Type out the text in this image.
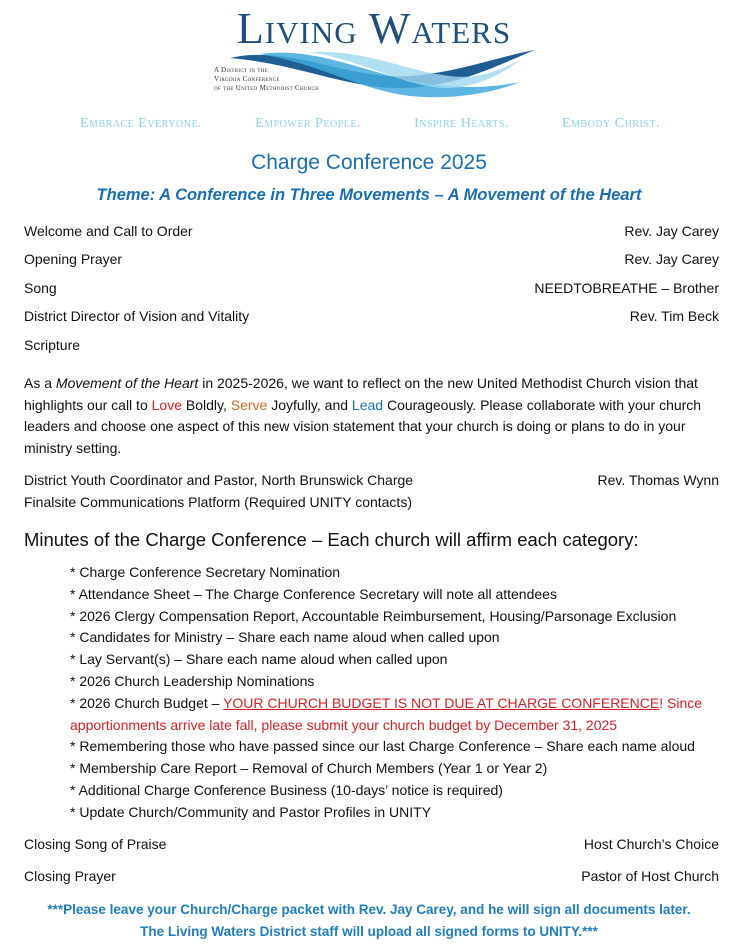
Living Waters
A District in the
Virginia Conference
of the United Methodist Church
Embrace Everyone.	Empower People.	Inspire Hearts.	Embody Christ.
Charge Conference 2025
Theme: A Conference in Three Movements – A Movement of the Heart
Welcome and Call to Order	Rev. Jay Carey
Opening Prayer	Rev. Jay Carey
Song	NEEDTOBREATHE – Brother
District Director of Vision and Vitality	Rev. Tim Beck
Scripture
As a Movement of the Heart in 2025-2026, we want to reflect on the new United Methodist Church vision that highlights our call to Love Boldly, Serve Joyfully, and Lead Courageously. Please collaborate with your church leaders and choose one aspect of this new vision statement that your church is doing or plans to do in your ministry setting.
District Youth Coordinator and Pastor, North Brunswick Charge	Rev. Thomas Wynn
Finalsite Communications Platform (Required UNITY contacts)
Minutes of the Charge Conference – Each church will affirm each category:
* Charge Conference Secretary Nomination
* Attendance Sheet – The Charge Conference Secretary will note all attendees
* 2026 Clergy Compensation Report, Accountable Reimbursement, Housing/Parsonage Exclusion
* Candidates for Ministry – Share each name aloud when called upon
* Lay Servant(s) – Share each name aloud when called upon
* 2026 Church Leadership Nominations
* 2026 Church Budget – YOUR CHURCH BUDGET IS NOT DUE AT CHARGE CONFERENCE! Since
apportionments arrive late fall, please submit your church budget by December 31, 2025
* Remembering those who have passed since our last Charge Conference – Share each name aloud
* Membership Care Report – Removal of Church Members (Year 1 or Year 2)
* Additional Charge Conference Business (10-days’ notice is required)
* Update Church/Community and Pastor Profiles in UNITY
Closing Song of Praise	Host Church’s Choice
Closing Prayer	Pastor of Host Church
***Please leave your Church/Charge packet with Rev. Jay Carey, and he will sign all documents later.
The Living Waters District staff will upload all signed forms to UNITY.***
